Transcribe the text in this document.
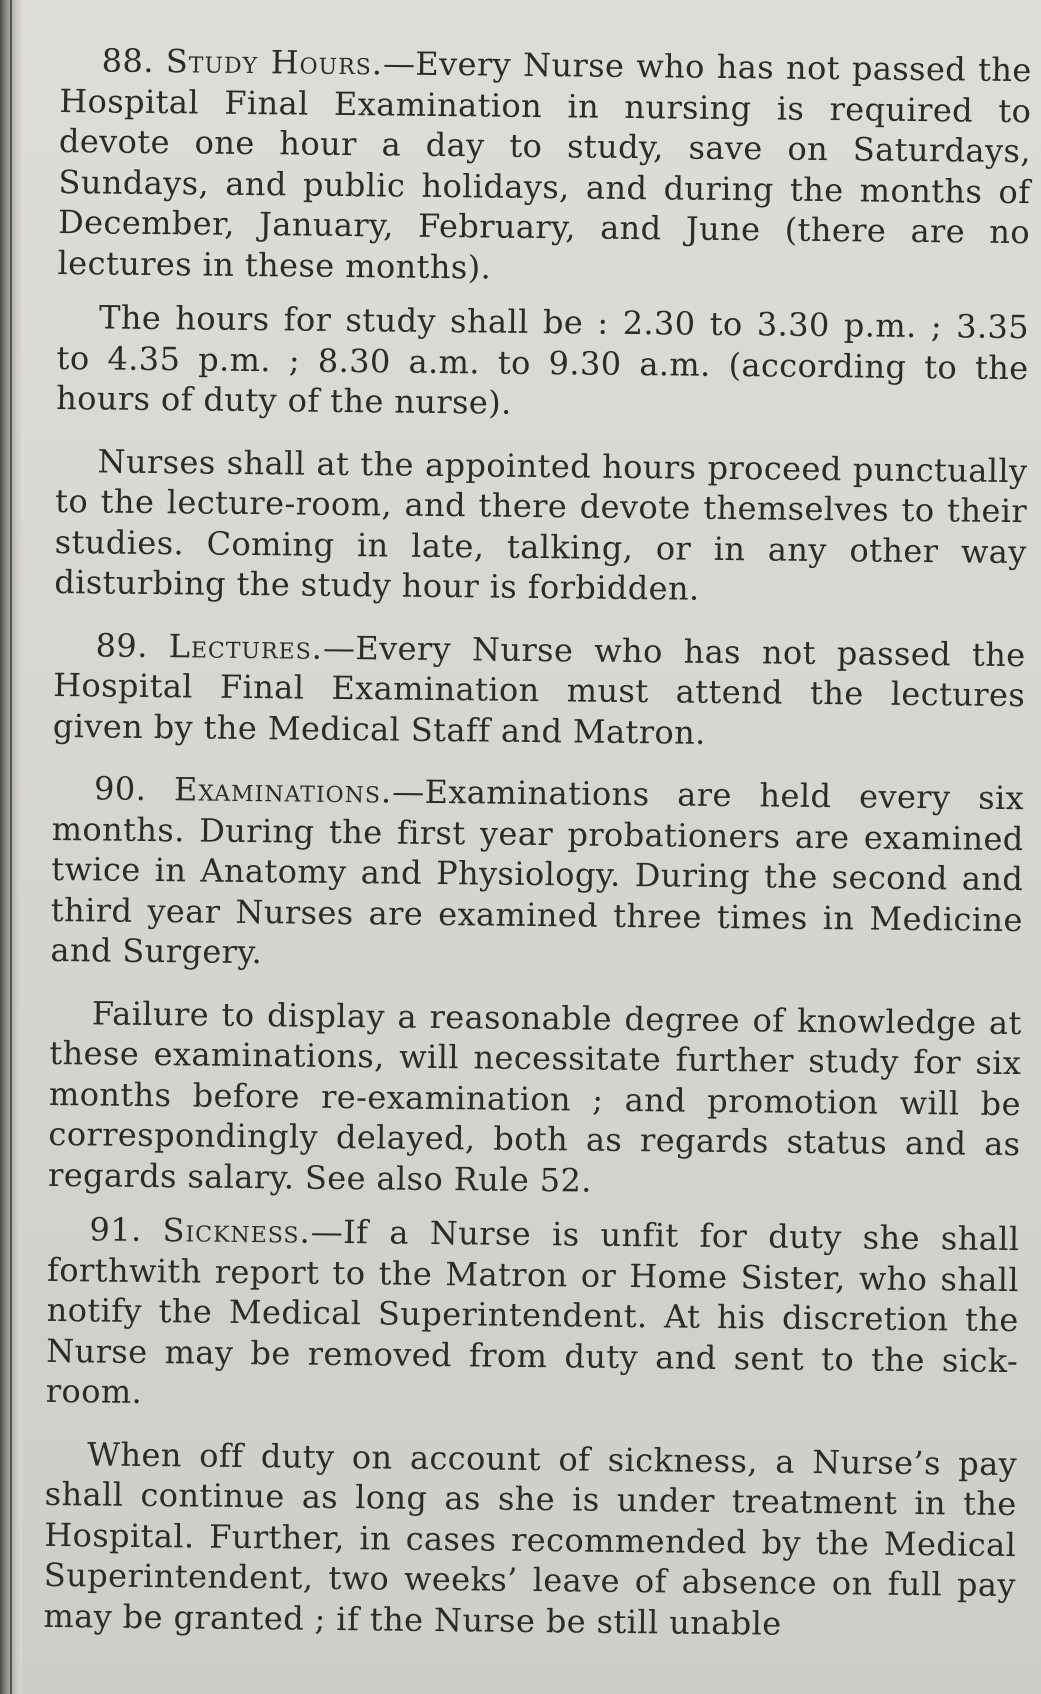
88. Study Hours.—Every Nurse who has not passed the Hospital Final Examination in nursing is required to devote one hour a day to study, save on Saturdays, Sundays, and public holidays, and during the months of December, January, February, and June (there are no lectures in these months).

The hours for study shall be : 2.30 to 3.30 p.m. ; 3.35 to 4.35 p.m. ; 8.30 a.m. to 9.30 a.m. (according to the hours of duty of the nurse).

Nurses shall at the appointed hours proceed punctually to the lecture-room, and there devote themselves to their studies. Coming in late, talking, or in any other way disturbing the study hour is forbidden.

89. Lectures.—Every Nurse who has not passed the Hospital Final Examination must attend the lectures given by the Medical Staff and Matron.

90. Examinations.—Examinations are held every six months. During the first year probationers are examined twice in Anatomy and Physiology. During the second and third year Nurses are examined three times in Medicine and Surgery.

Failure to display a reasonable degree of knowledge at these examinations, will necessitate further study for six months before re-examination ; and promotion will be correspondingly delayed, both as regards status and as regards salary. See also Rule 52.

91. Sickness.—If a Nurse is unfit for duty she shall forthwith report to the Matron or Home Sister, who shall notify the Medical Superintendent. At his discretion the Nurse may be removed from duty and sent to the sick-room.

When off duty on account of sickness, a Nurse’s pay shall continue as long as she is under treatment in the Hospital. Further, in cases recommended by the Medical Superintendent, two weeks’ leave of absence on full pay may be granted ; if the Nurse be still unable
